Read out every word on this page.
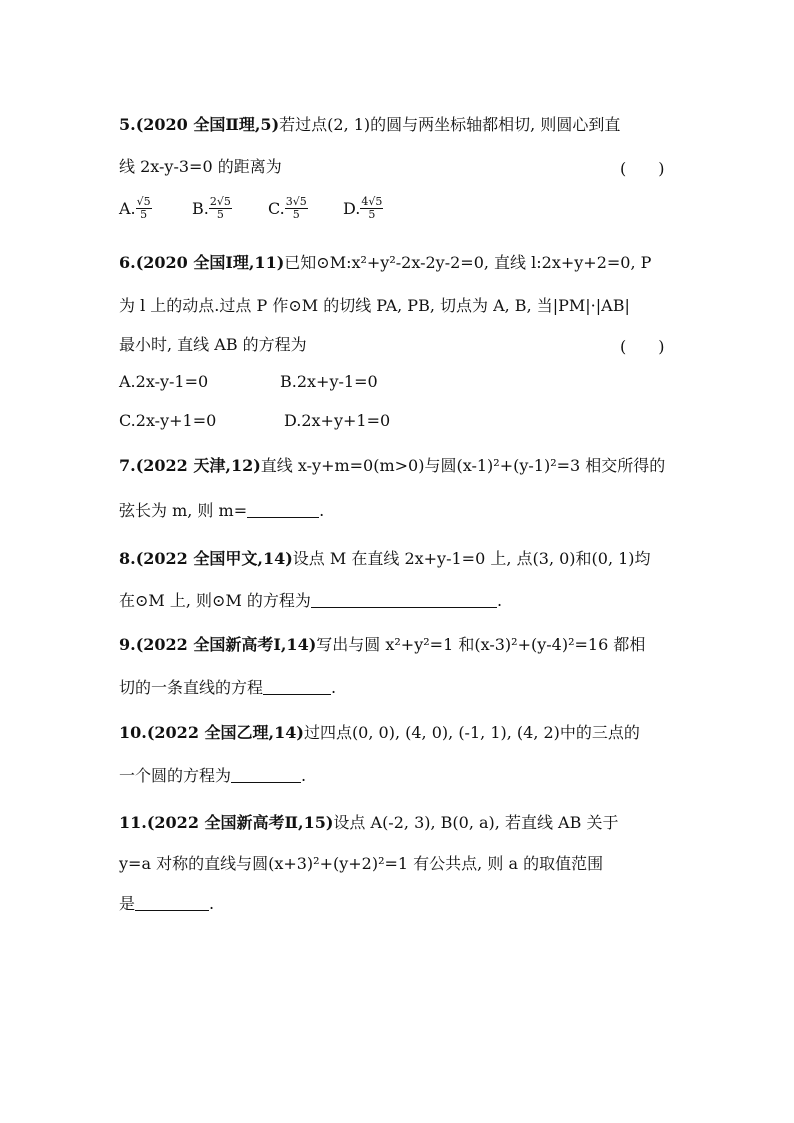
5.(2020 全国Ⅱ理,5)若过点(2, 1)的圆与两坐标轴都相切, 则圆心到直
线 2x-y-3=0 的距离为	(　　)
A. $\frac{√5}{5}$	B. $\frac{2√5}{5} C$. $\frac{3√5}{5} D$. $\frac{4√5}{5}$
6.(2020 全国Ⅰ理,11)已知⊙M:x²+y²-2x-2y-2=0, 直线 l:2x+y+2=0, P
为 l 上的动点.过点 P 作⊙M 的切线 PA, PB, 切点为 A, B, 当|PM|·|AB|
最小时, 直线 AB 的方程为	(　　)
A.2x-y-1=0	B.2x+y-1=0
C.2x-y+1=0	D.2x+y+1=0
7.(2022 天津,12)直线 x-y+m=0(m>0)与圆(x-1)²+(y-1)²=3 相交所得的
弦长为 m, 则 m=	.
8.(2022 全国甲文,14)设点 M 在直线 2x+y-1=0 上, 点(3, 0)和(0, 1)均
在⊙M 上, 则⊙M 的方程为	.
9.(2022 全国新高考Ⅰ,14)写出与圆 x²+y²=1 和(x-3)²+(y-4)²=16 都相
切的一条直线的方程	.
10.(2022 全国乙理,14)过四点(0, 0), (4, 0), (-1, 1), (4, 2)中的三点的
一个圆的方程为	.
11.(2022 全国新高考Ⅱ,15)设点 A(-2, 3), B(0, a), 若直线 AB 关于
y=a 对称的直线与圆(x+3)²+(y+2)²=1 有公共点, 则 a 的取值范围
是	.
